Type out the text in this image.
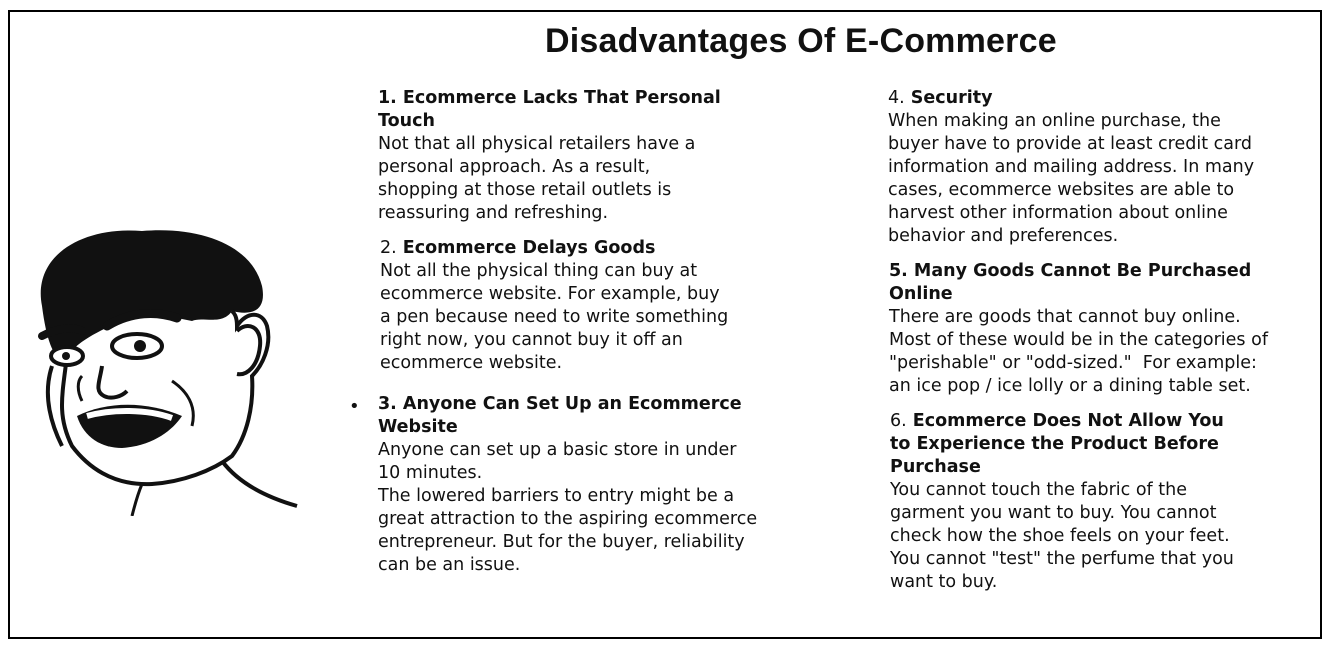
Disadvantages Of E-Commerce
1. Ecommerce Lacks That Personal
Touch
Not that all physical retailers have a
personal approach. As a result,
shopping at those retail outlets is
reassuring and refreshing.
2. Ecommerce Delays Goods
Not all the physical thing can buy at
ecommerce website. For example, buy
a pen because need to write something
right now, you cannot buy it off an
ecommerce website.
3. Anyone Can Set Up an Ecommerce
Website
Anyone can set up a basic store in under
10 minutes.
The lowered barriers to entry might be a
great attraction to the aspiring ecommerce
entrepreneur. But for the buyer, reliability
can be an issue.
•
4. Security
When making an online purchase, the
buyer have to provide at least credit card
information and mailing address. In many
cases, ecommerce websites are able to
harvest other information about online
behavior and preferences.
5. Many Goods Cannot Be Purchased
Online
There are goods that cannot buy online.
Most of these would be in the categories of
"perishable" or "odd-sized."  For example:
an ice pop / ice lolly or a dining table set.
6. Ecommerce Does Not Allow You
to Experience the Product Before
Purchase
You cannot touch the fabric of the
garment you want to buy. You cannot
check how the shoe feels on your feet.
You cannot "test" the perfume that you
want to buy.
